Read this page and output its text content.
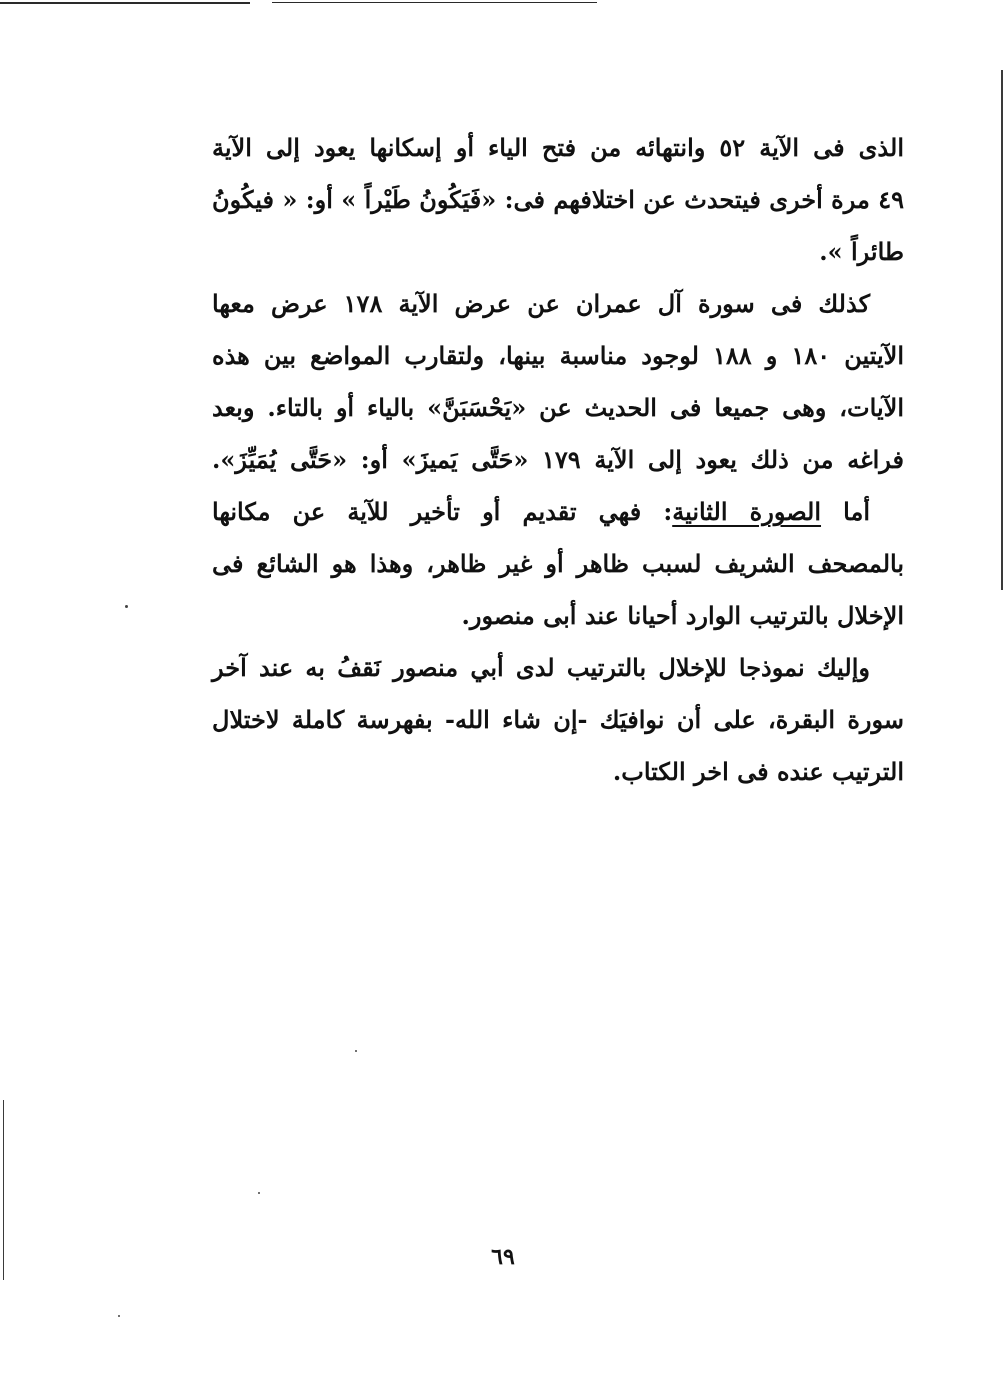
الذى فى الآية ٥٢ وانتهائه من فتح الياء أو إسكانها يعود إلى الآية
٤٩ مرة أخرى فيتحدث عن اختلافهم فى: «فَيَكُونُ طَيْراً » أو: « فيكُونُ
طائراً ».
كذلك فى سورة آل عمران عن عرض الآية ١٧٨ عرض معها
الآيتين ١٨٠ و ١٨٨ لوجود مناسبة بينها، ولتقارب المواضع بين هذه
الآيات، وهى جميعا فى الحديث عن «يَحْسَبَنَّ» بالياء أو بالتاء. وبعد
فراغه من ذلك يعود إلى الآية ١٧٩ «حَتَّى يَميزَ» أو: «حَتَّى يُمَيِّزَ».
أما الصورة الثانية: فهي تقديم أو تأخير للآية عن مكانها
بالمصحف الشريف لسبب ظاهر أو غير ظاهر، وهذا هو الشائع فى
الإخلال بالترتيب الوارد أحيانا عند أبى منصور.
وإليك نموذجا للإخلال بالترتيب لدى أبي منصور نَقفُ به عند آخر
سورة البقرة، على أن نوافيَك -إن شاء الله- بفهرسة كاملة لاختلال
الترتيب عنده فى اخر الكتاب.
٦٩
